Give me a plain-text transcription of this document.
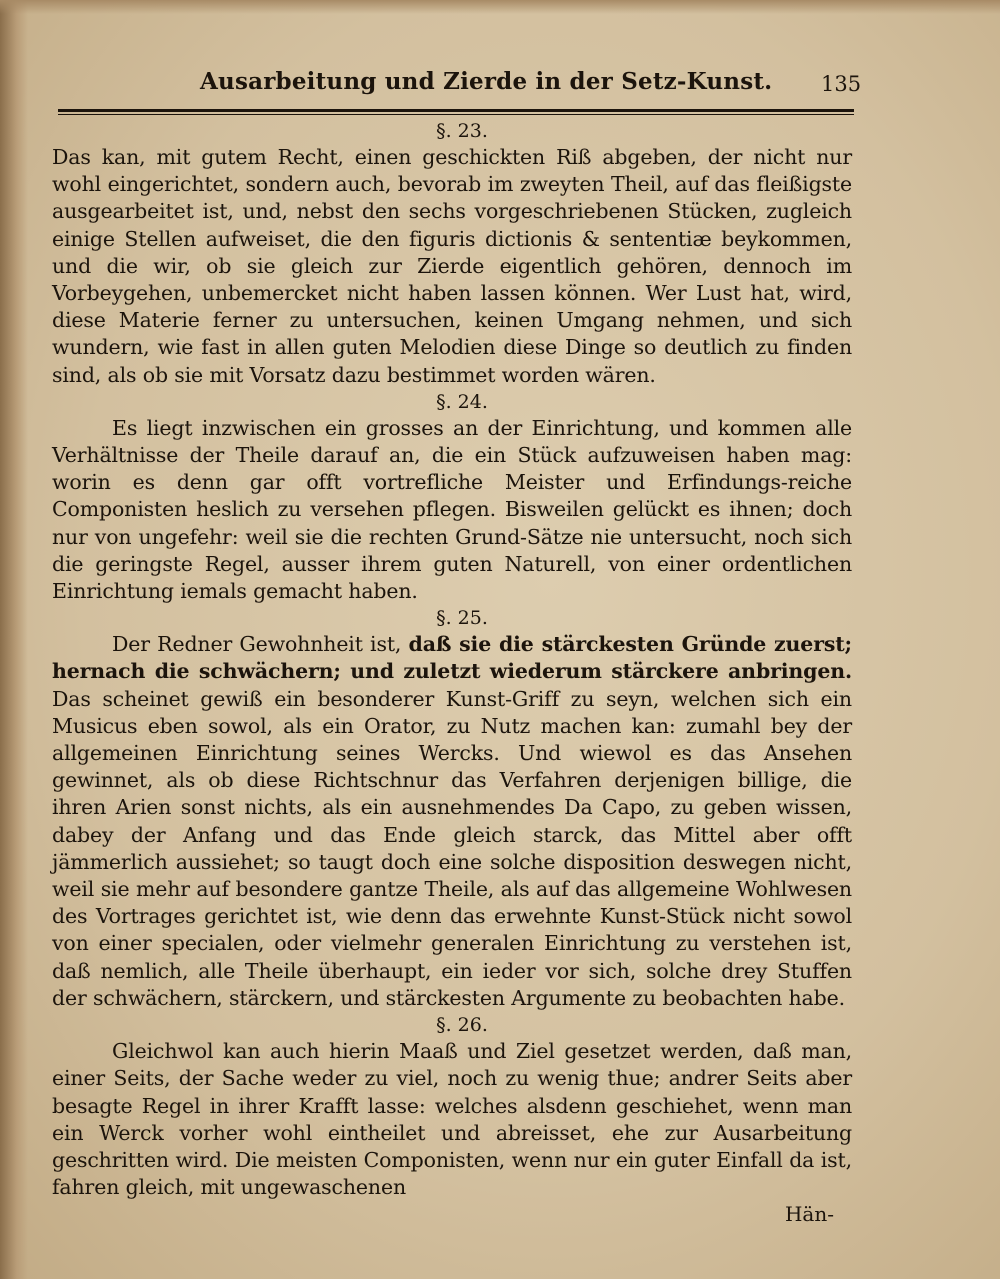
Ausarbeitung und Zierde in der Setz-Kunst. 135
§. 23.

Das kan, mit gutem Recht, einen geschickten Riß abgeben, der nicht nur wohl eingerichtet, sondern auch, bevorab im zweyten Theil, auf das fleißigste ausgearbeitet ist, und, nebst den sechs vorgeschriebenen Stücken, zugleich einige Stellen aufweiset, die den figuris dictionis & sententiæ beykommen, und die wir, ob sie gleich zur Zierde eigentlich gehören, dennoch im Vorbeygehen, unbemercket nicht haben lassen können. Wer Lust hat, wird, diese Materie ferner zu untersuchen, keinen Umgang nehmen, und sich wundern, wie fast in allen guten Melodien diese Dinge so deutlich zu finden sind, als ob sie mit Vorsatz dazu bestimmet worden wären.

§. 24.

Es liegt inzwischen ein grosses an der Einrichtung, und kommen alle Verhältnisse der Theile darauf an, die ein Stück aufzuweisen haben mag: worin es denn gar offt vortrefliche Meister und Erfindungs-reiche Componisten heslich zu versehen pflegen. Bisweilen gelückt es ihnen; doch nur von ungefehr: weil sie die rechten Grund-Sätze nie untersucht, noch sich die geringste Regel, ausser ihrem guten Naturell, von einer ordentlichen Einrichtung iemals gemacht haben.

§. 25.

Der Redner Gewohnheit ist, daß sie die stärckesten Gründe zuerst; hernach die schwächern; und zuletzt wiederum stärckere anbringen. Das scheinet gewiß ein besonderer Kunst-Griff zu seyn, welchen sich ein Musicus eben sowol, als ein Orator, zu Nutz machen kan: zumahl bey der allgemeinen Einrichtung seines Wercks. Und wiewol es das Ansehen gewinnet, als ob diese Richtschnur das Verfahren derjenigen billige, die ihren Arien sonst nichts, als ein ausnehmendes Da Capo, zu geben wissen, dabey der Anfang und das Ende gleich starck, das Mittel aber offt jämmerlich aussiehet; so taugt doch eine solche disposition deswegen nicht, weil sie mehr auf besondere gantze Theile, als auf das allgemeine Wohlwesen des Vortrages gerichtet ist, wie denn das erwehnte Kunst-Stück nicht sowol von einer specialen, oder vielmehr generalen Einrichtung zu verstehen ist, daß nemlich, alle Theile überhaupt, ein ieder vor sich, solche drey Stuffen der schwächern, stärckern, und stärckesten Argumente zu beobachten habe.

§. 26.

Gleichwol kan auch hierin Maaß und Ziel gesetzet werden, daß man, einer Seits, der Sache weder zu viel, noch zu wenig thue; andrer Seits aber besagte Regel in ihrer Krafft lasse: welches alsdenn geschiehet, wenn man ein Werck vorher wohl eintheilet und abreisset, ehe zur Ausarbeitung geschritten wird. Die meisten Componisten, wenn nur ein guter Einfall da ist, fahren gleich, mit ungewaschenen

Hän-
